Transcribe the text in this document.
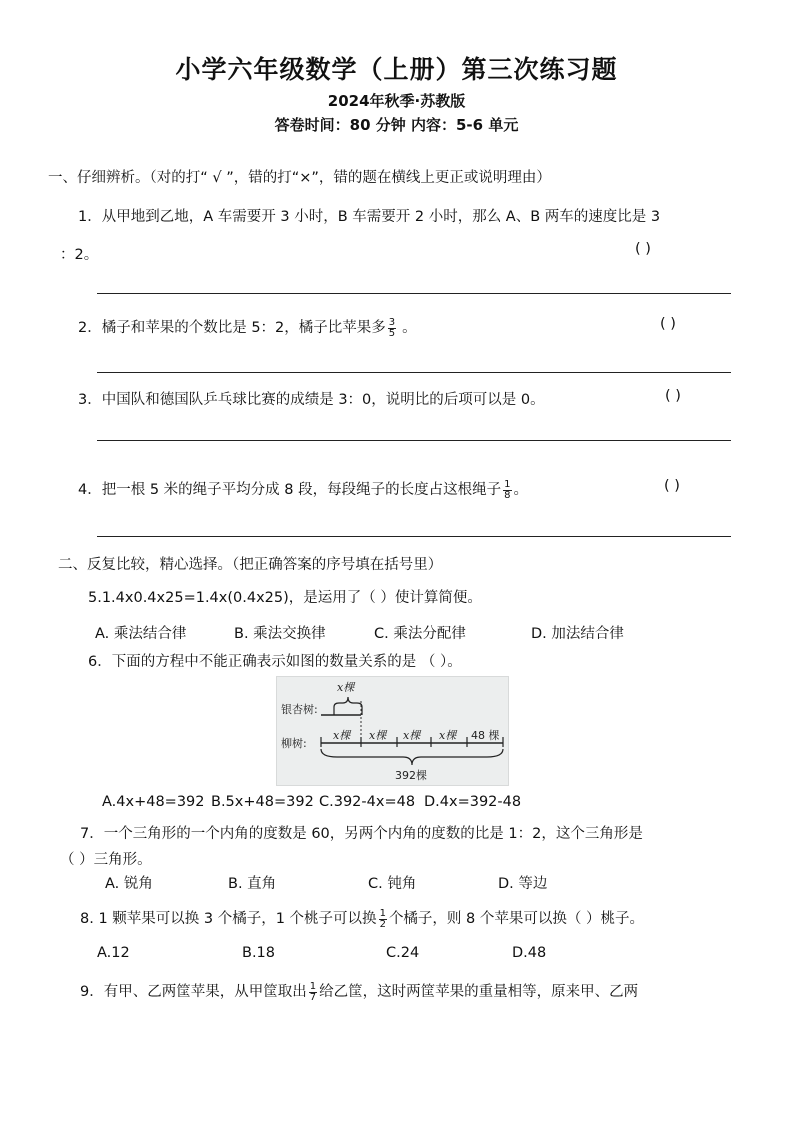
小学六年级数学（上册）第三次练习题
2024年秋季·苏教版
答卷时间：80 分钟 内容：5-6 单元
一、仔细辨析。（对的打“ √ ”，错的打“×”，错的题在横线上更正或说明理由）
1．从甲地到乙地，A 车需要开 3 小时，B 车需要开 2 小时，那么 A、B 两车的速度比是 3
：2。	( )
2．橘子和苹果的个数比是 5：2，橘子比苹果多 $\frac{3}{5}$ 。	( )
3．中国队和德国队乒乓球比赛的成绩是 3：0，说明比的后项可以是 0。	( )
4．把一根 5 米的绳子平均分成 8 段，每段绳子的长度占这根绳子 $\frac{1}{8}$ 。	( )
二、反复比较，精心选择。（把正确答案的序号填在括号里）
5.1.4x0.4x25=1.4x(0.4x25)，是运用了（ ）使计算简便。
A. 乘法结合律	B. 乘法交换律	C. 乘法分配律	D. 加法结合律
6．下面的方程中不能正确表示如图的数量关系的是 （ ）。
银杏树:
x棵
柳树:
x棵 x棵 x棵 x棵 48 棵
392棵
A.4x+48=392 B.5x+48=392 C.392-4x=48 D.4x=392-48
7．一个三角形的一个内角的度数是 60，另两个内角的度数的比是 1：2，这个三角形是
（ ）三角形。
A. 锐角	B. 直角	C. 钝角	D. 等边
8. 1 颗苹果可以换 3 个橘子，1 个桃子可以换 $\frac{1}{2}$ 个橘子，则 8 个苹果可以换（ ）桃子。
A.12	B.18	C.24	D.48
9．有甲、乙两筐苹果，从甲筐取出 $\frac{1}{7}$ 给乙筐，这时两筐苹果的重量相等，原来甲、乙两
